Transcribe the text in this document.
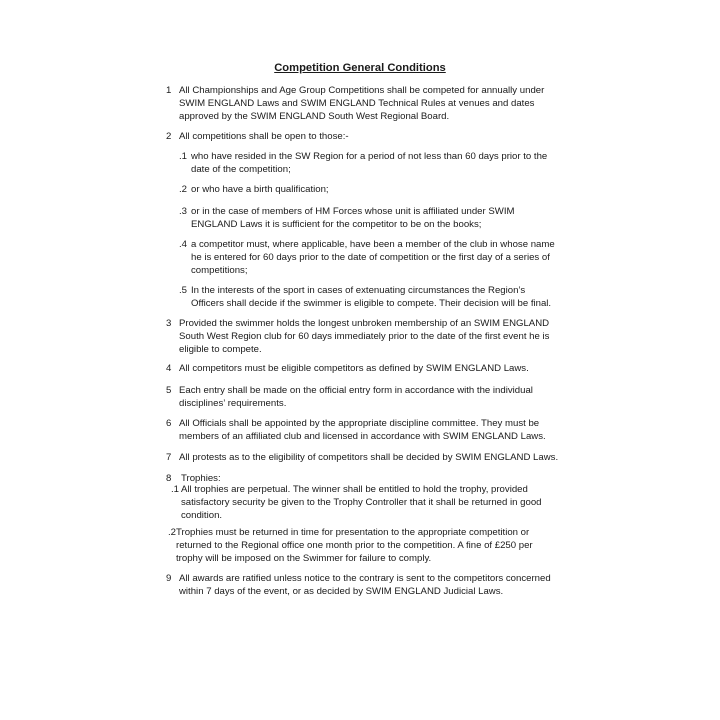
Competition General Conditions
1 All Championships and Age Group Competitions shall be competed for annually under
SWIM ENGLAND Laws and SWIM ENGLAND Technical Rules at venues and dates
approved by the SWIM ENGLAND South West Regional Board.
2 All competitions shall be open to those:-
.1 who have resided in the SW Region for a period of not less than 60 days prior to the
date of the competition;
.2 or who have a birth qualification;
.3 or in the case of members of HM Forces whose unit is affiliated under SWIM
ENGLAND Laws it is sufficient for the competitor to be on the books;
.4 a competitor must, where applicable, have been a member of the club in whose name
he is entered for 60 days prior to the date of competition or the first day of a series of
competitions;
.5 In the interests of the sport in cases of extenuating circumstances the Region’s
Officers shall decide if the swimmer is eligible to compete. Their decision will be final.
3 Provided the swimmer holds the longest unbroken membership of an SWIM ENGLAND
South West Region club for 60 days immediately prior to the date of the first event he is
eligible to compete.
4 All competitors must be eligible competitors as defined by SWIM ENGLAND Laws.
5 Each entry shall be made on the official entry form in accordance with the individual
disciplines’ requirements.
6 All Officials shall be appointed by the appropriate discipline committee. They must be
members of an affiliated club and licensed in accordance with SWIM ENGLAND Laws.
7 All protests as to the eligibility of competitors shall be decided by SWIM ENGLAND Laws.
8 Trophies:
.1 All trophies are perpetual. The winner shall be entitled to hold the trophy, provided
satisfactory security be given to the Trophy Controller that it shall be returned in good
condition.
.2 Trophies must be returned in time for presentation to the appropriate competition or
returned to the Regional office one month prior to the competition. A fine of £250 per
trophy will be imposed on the Swimmer for failure to comply.
9 All awards are ratified unless notice to the contrary is sent to the competitors concerned
within 7 days of the event, or as decided by SWIM ENGLAND Judicial Laws.
